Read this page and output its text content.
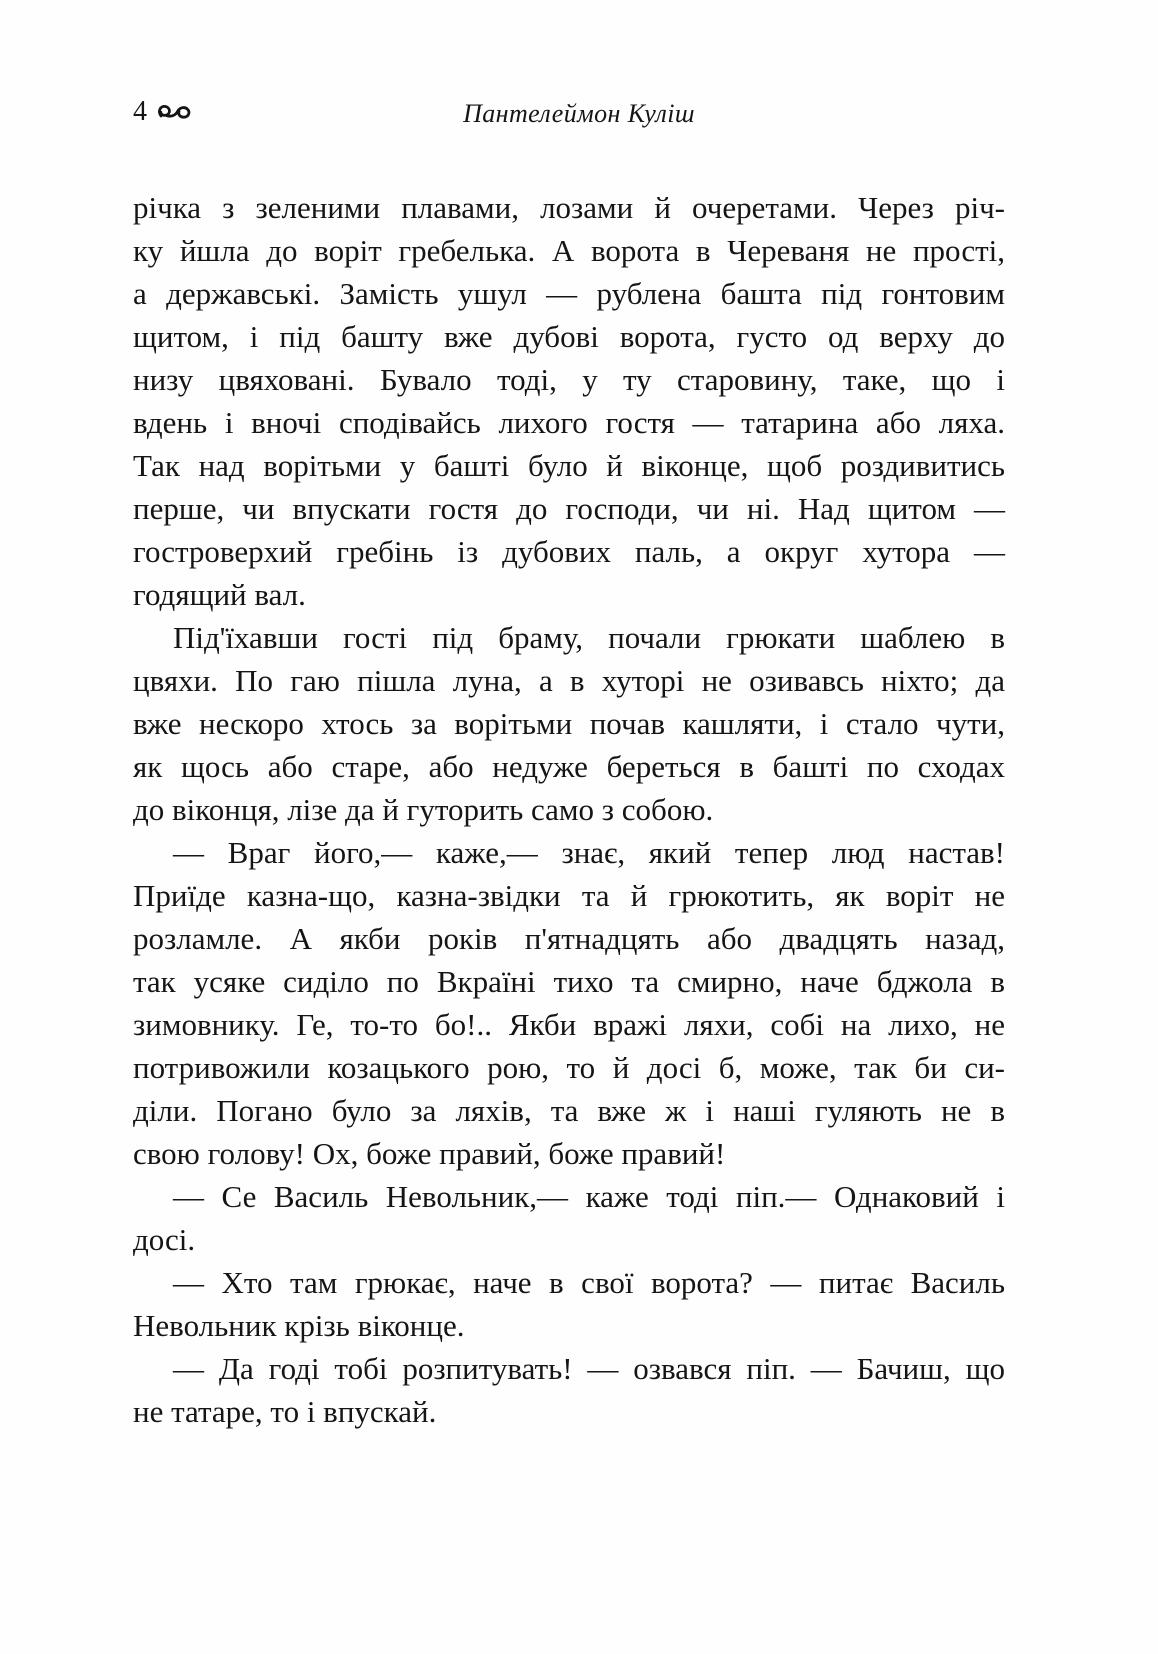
4	Пантелеймон Куліш
річка з зеленими плавами, лозами й очеретами. Через річ-
ку йшла до воріт гребелька. А ворота в Череваня не прості,
а державські. Замість ушул — рублена башта під гонтовим
щитом, і під башту вже дубові ворота, густо од верху до
низу цвяховані. Бувало тоді, у ту старовину, таке, що і
вдень і вночі сподівайсь лихого гостя — татарина або ляха.
Так над ворітьми у башті було й віконце, щоб роздивитись
перше, чи впускати гостя до господи, чи ні. Над щитом —
гостроверхий гребінь із дубових паль, а округ хутора —
годящий вал.
Під'їхавши гості під браму, почали грюкати шаблею в
цвяхи. По гаю пішла луна, а в хуторі не озивавсь ніхто; да
вже нескоро хтось за ворітьми почав кашляти, і стало чути,
як щось або старе, або недуже береться в башті по сходах
до віконця, лізе да й гуторить само з собою.
— Враг його,— каже,— знає, який тепер люд настав!
Приїде казна-що, казна-звідки та й грюкотить, як воріт не
розламле. А якби років п'ятнадцять або двадцять назад,
так усяке сиділо по Вкраїні тихо та смирно, наче бджола в
зимовнику. Ге, то-то бо!.. Якби вражі ляхи, собі на лихо, не
потривожили козацького рою, то й досі б, може, так би си-
діли. Погано було за ляхів, та вже ж і наші гуляють не в
свою голову! Ох, боже правий, боже правий!
— Се Василь Невольник,— каже тоді піп.— Однаковий і
досі.
— Хто там грюкає, наче в свої ворота? — питає Василь
Невольник крізь віконце.
— Да годі тобі розпитувать! — озвався піп. — Бачиш, що
не татаре, то і впускай.
